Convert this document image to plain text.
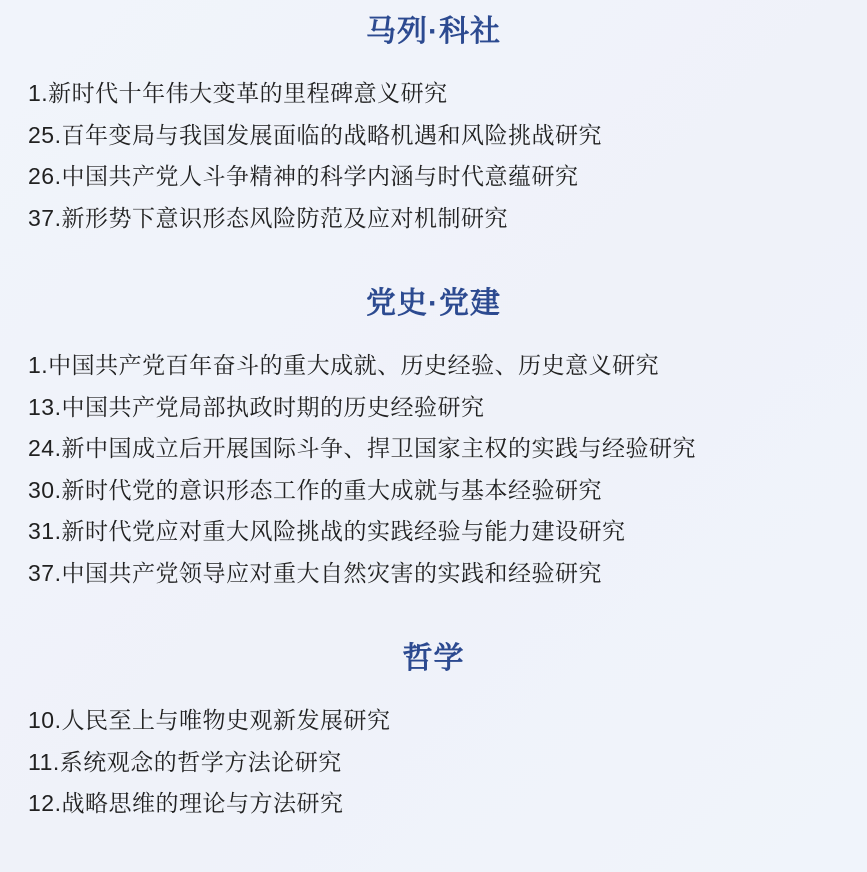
马列·科社
1.新时代十年伟大变革的里程碑意义研究
25.百年变局与我国发展面临的战略机遇和风险挑战研究
26.中国共产党人斗争精神的科学内涵与时代意蕴研究
37.新形势下意识形态风险防范及应对机制研究
党史·党建
1.中国共产党百年奋斗的重大成就、历史经验、历史意义研究
13.中国共产党局部执政时期的历史经验研究
24.新中国成立后开展国际斗争、捍卫国家主权的实践与经验研究
30.新时代党的意识形态工作的重大成就与基本经验研究
31.新时代党应对重大风险挑战的实践经验与能力建设研究
37.中国共产党领导应对重大自然灾害的实践和经验研究
哲学
10.人民至上与唯物史观新发展研究
11.系统观念的哲学方法论研究
12.战略思维的理论与方法研究
